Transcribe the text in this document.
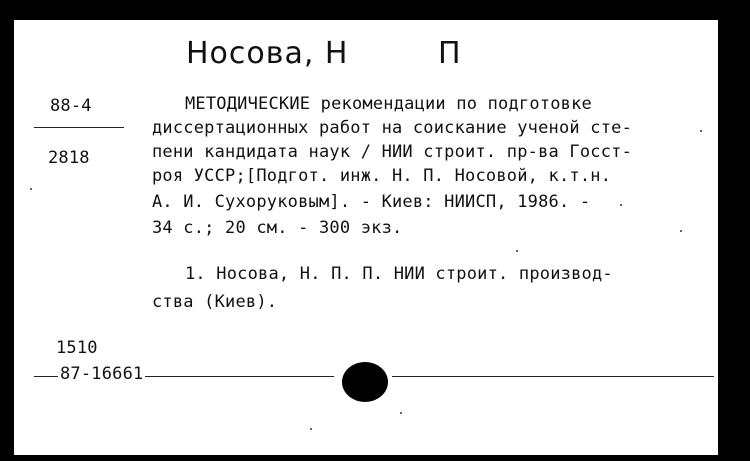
Носова, Н	П
88-4
2818
МЕТОДИЧЕСКИЕ рекомендации по подготовке
диссертационных работ на соискание ученой сте-
пени кандидата наук / НИИ строит. пр-ва Госст-
роя УССР;[Подгот. инж. Н. П. Носовой, к.т.н.
А. И. Сухоруковым]. - Киев: НИИСП, 1986. -
34 с.; 20 см. - 300 экз.
1. Носова, Н. П. П. НИИ строит. производ-
ства (Киев).
1510
87-16661
